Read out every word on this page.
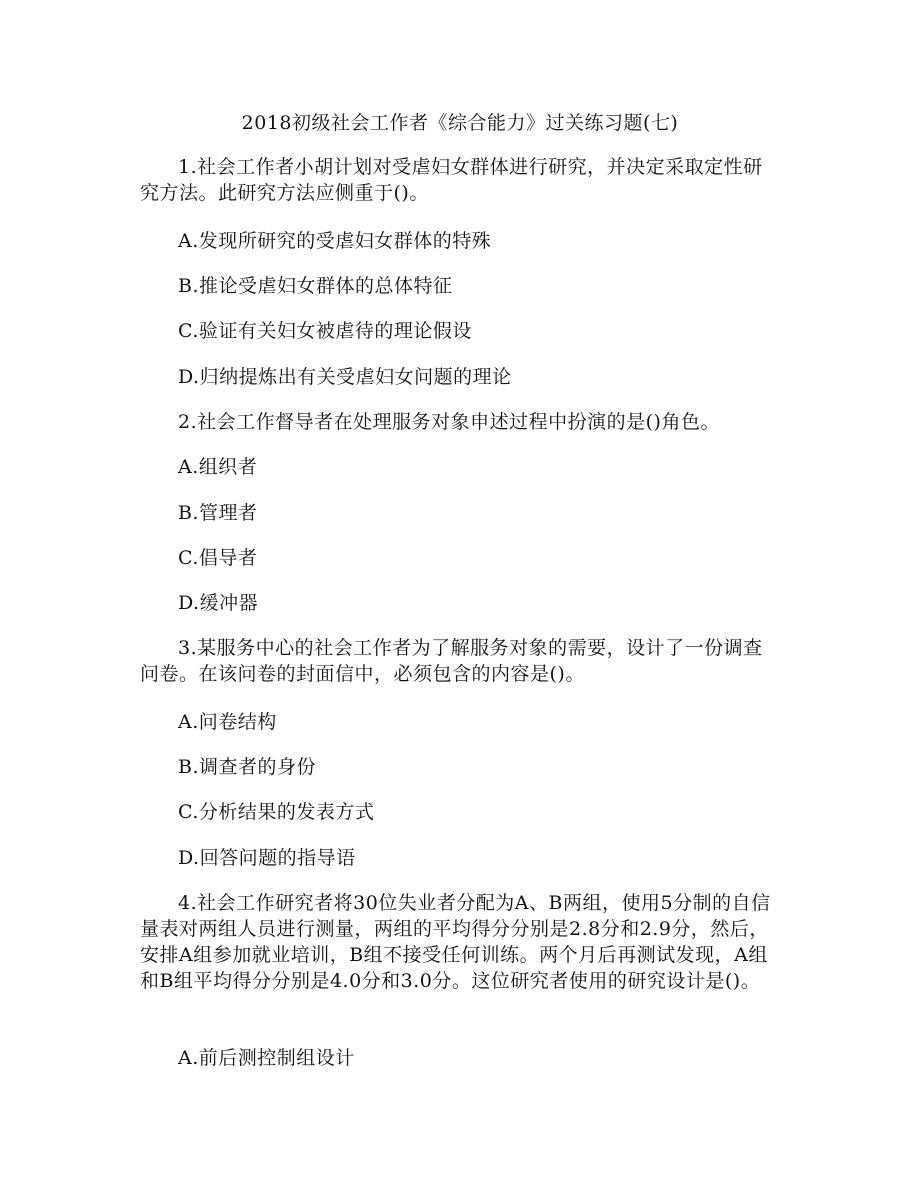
2018初级社会工作者《综合能力》过关练习题(七)
1.社会工作者小胡计划对受虐妇女群体进行研究，并决定采取定性研究方法。此研究方法应侧重于()。
A.发现所研究的受虐妇女群体的特殊
B.推论受虐妇女群体的总体特征
C.验证有关妇女被虐待的理论假设
D.归纳提炼出有关受虐妇女问题的理论
2.社会工作督导者在处理服务对象申述过程中扮演的是()角色。
A.组织者
B.管理者
C.倡导者
D.缓冲器
3.某服务中心的社会工作者为了解服务对象的需要，设计了一份调查问卷。在该问卷的封面信中，必须包含的内容是()。
A.问卷结构
B.调查者的身份
C.分析结果的发表方式
D.回答问题的指导语
4.社会工作研究者将30位失业者分配为A、B两组，使用5分制的自信量表对两组人员进行测量，两组的平均得分分别是2.8分和2.9分，然后，安排A组参加就业培训，B组不接受任何训练。两个月后再测试发现，A组和B组平均得分分别是4.0分和3.0分。这位研究者使用的研究设计是()。
A.前后测控制组设计
